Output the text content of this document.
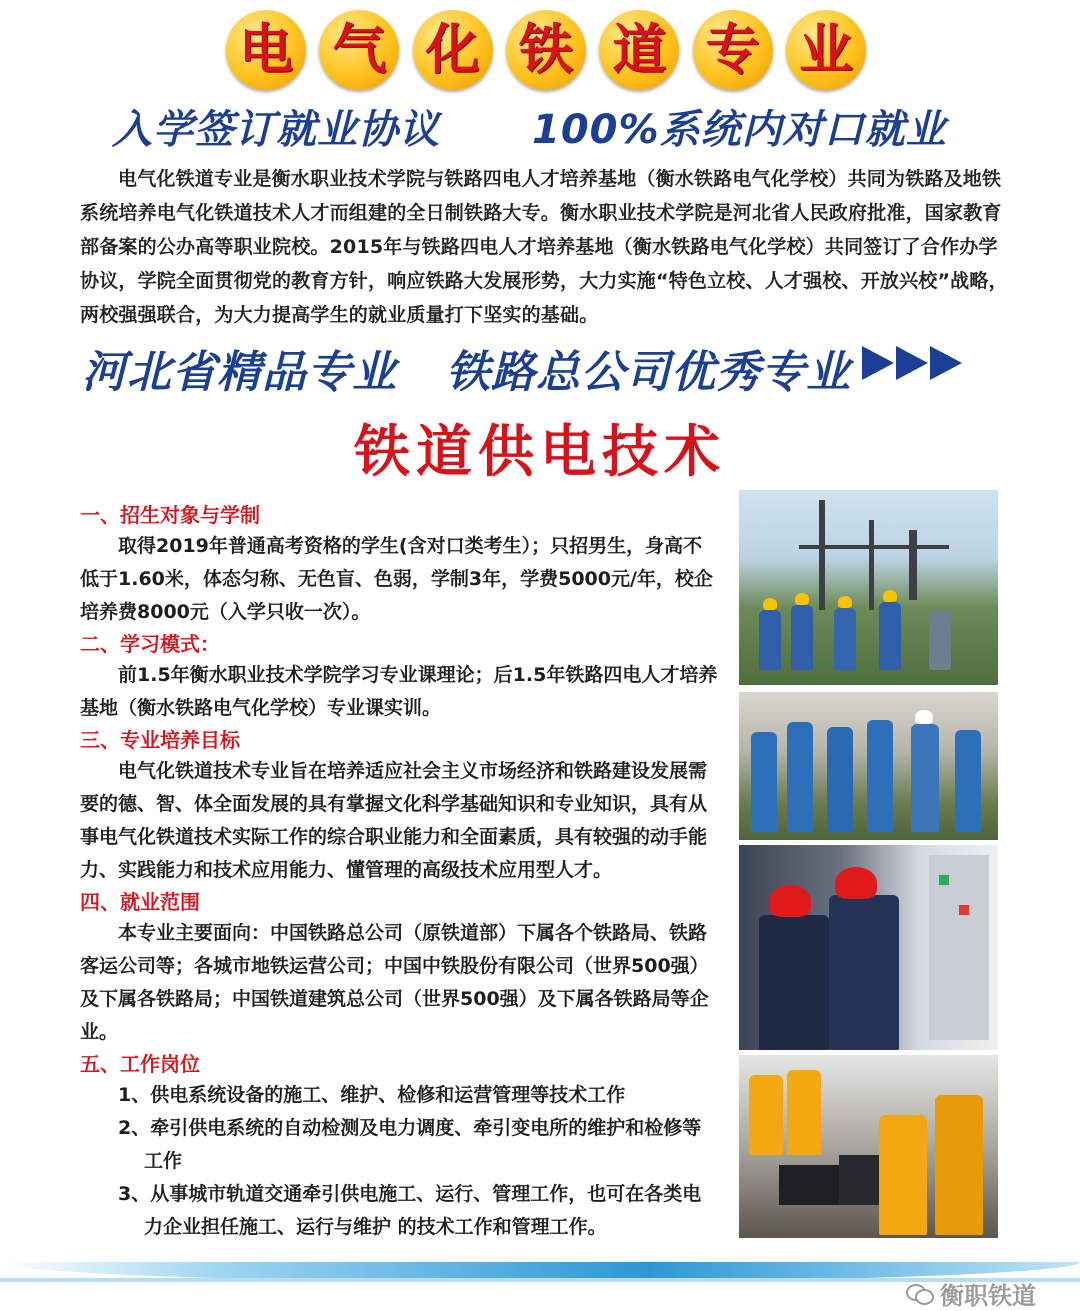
电 气 化 铁 道 专 业
入学签订就业协议 100%系统内对口就业

电气化铁道专业是衡水职业技术学院与铁路四电人才培养基地（衡水铁路电气化学校）共同为铁路及地铁系统培养电气化铁道技术人才而组建的全日制铁路大专。衡水职业技术学院是河北省人民政府批准，国家教育部备案的公办高等职业院校。2015年与铁路四电人才培养基地（衡水铁路电气化学校）共同签订了合作办学协议，学院全面贯彻党的教育方针，响应铁路大发展形势，大力实施“特色立校、人才强校、开放兴校”战略，两校强强联合，为大力提高学生的就业质量打下坚实的基础。

河北省精品专业 铁路总公司优秀专业
铁道供电技术
一、招生对象与学制

取得2019年普通高考资格的学生(含对口类考生）；只招男生，身高不低于1.60米，体态匀称、无色盲、色弱，学制3年，学费5000元/年，校企培养费8000元（入学只收一次）。

二、学习模式：

前1.5年衡水职业技术学院学习专业课理论；后1.5年铁路四电人才培养基地（衡水铁路电气化学校）专业课实训。

三、专业培养目标

电气化铁道技术专业旨在培养适应社会主义市场经济和铁路建设发展需要的德、智、体全面发展的具有掌握文化科学基础知识和专业知识，具有从事电气化铁道技术实际工作的综合职业能力和全面素质，具有较强的动手能力、实践能力和技术应用能力、懂管理的高级技术应用型人才。

四、就业范围

本专业主要面向：中国铁路总公司（原铁道部）下属各个铁路局、铁路客运公司等；各城市地铁运营公司；中国中铁股份有限公司（世界500强）及下属各铁路局；中国铁道建筑总公司（世界500强）及下属各铁路局等企业。

五、工作岗位
1、供电系统设备的施工、维护、检修和运营管理等技术工作
2、牵引供电系统的自动检测及电力调度、牵引变电所的维护和检修等工作
3、从事城市轨道交通牵引供电施工、运行、管理工作，也可在各类电力企业担任施工、运行与维护 的技术工作和管理工作。
衡职铁道
